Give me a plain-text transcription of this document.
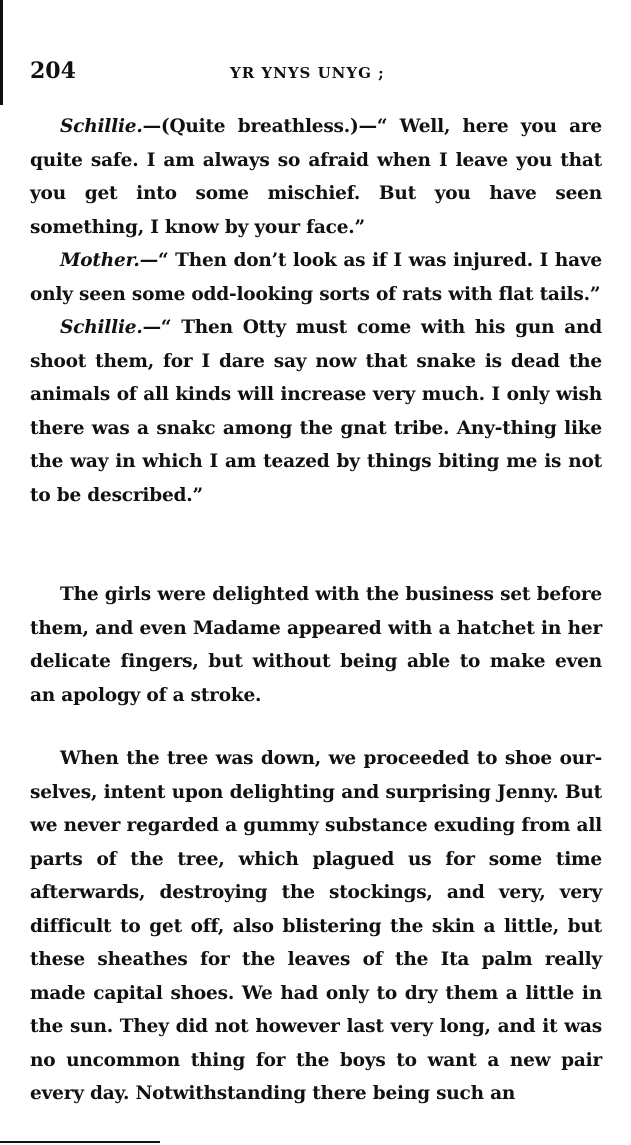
204	YR YNYS UNYG ;

Schillie.—(Quite breathless.)—“ Well, here you are quite safe. I am always so afraid when I leave you that you get into some mischief. But you have seen something, I know by your face.”

Mother.—“ Then don’t look as if I was injured. I have only seen some odd-looking sorts of rats with flat tails.”

Schillie.—“ Then Otty must come with his gun and shoot them, for I dare say now that snake is dead the animals of all kinds will increase very much. I only wish there was a snakc among the gnat tribe. Any-thing like the way in which I am teazed by things biting me is not to be described.”

The girls were delighted with the business set before them, and even Madame appeared with a hatchet in her delicate fingers, but without being able to make even an apology of a stroke.

When the tree was down, we proceeded to shoe our-selves, intent upon delighting and surprising Jenny. But we never regarded a gummy substance exuding from all parts of the tree, which plagued us for some time afterwards, destroying the stockings, and very, very difficult to get off, also blistering the skin a little, but these sheathes for the leaves of the Ita palm really made capital shoes. We had only to dry them a little in the sun. They did not however last very long, and it was no uncommon thing for the boys to want a new pair every day. Notwithstanding there being such an
